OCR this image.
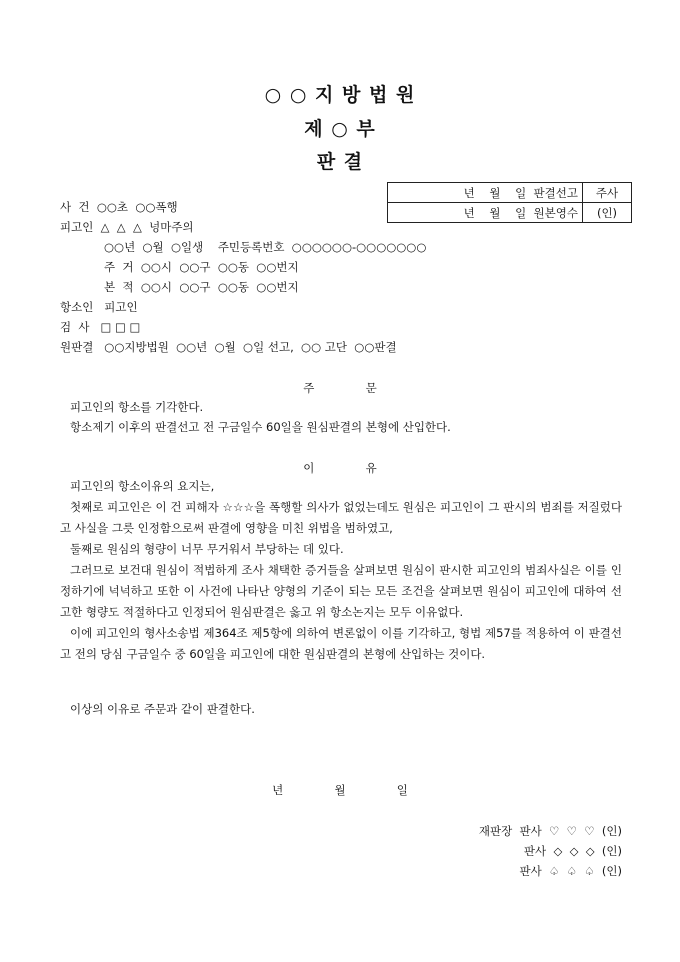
○ ○ 지 방 법 원
제 ○ 부
판 결
년    월    일  판결선고	주사
년    월    일  원본영수	(인)
사  건  ○○초  ○○폭행
피고인  △  △  △  넝마주의
○○년  ○월  ○일생    주민등록번호  ○○○○○○-○○○○○○○
주  거  ○○시  ○○구  ○○동  ○○번지
본  적  ○○시  ○○구  ○○동  ○○번지
항소인   피고인
검  사   □ □ □
원판결   ○○지방법원  ○○년  ○월  ○일 선고,  ○○ 고단  ○○판결
주              문
피고인의 항소를 기각한다.
항소제기 이후의 판결선고 전 구금일수 60일을 원심판결의 본형에 산입한다.
이              유
피고인의 항소이유의 요지는,
첫째로 피고인은 이 건 피해자 ☆☆☆을 폭행할 의사가 없었는데도 원심은 피고인이 그 판시의 범죄를 저질렀다고 사실을 그릇 인정함으로써 판결에 영향을 미친 위법을 범하였고,
둘째로 원심의 형량이 너무 무거워서 부당하는 데 있다.
그러므로 보건대 원심이 적법하게 조사 채택한 증거들을 살펴보면 원심이 판시한 피고인의 범죄사실은 이를 인정하기에 넉넉하고 또한 이 사건에 나타난 양형의 기준이 되는 모든 조건을 살펴보면 원심이 피고인에 대하여 선고한 형량도 적절하다고 인정되어 원심판결은 옳고 위 항소논지는 모두 이유없다.
이에 피고인의 형사소송법 제364조 제5항에 의하여 변론없이 이를 기각하고, 형법 제57를 적용하여 이 판결선고 전의 당심 구금일수 중 60일을 피고인에 대한 원심판결의 본형에 산입하는 것이다.
이상의 이유로 주문과 같이 판결한다.
년              월              일
재판장  판사  ♡  ♡  ♡  (인)
판사  ◇  ◇  ◇  (인)
판사  ♤  ♤  ♤  (인)
